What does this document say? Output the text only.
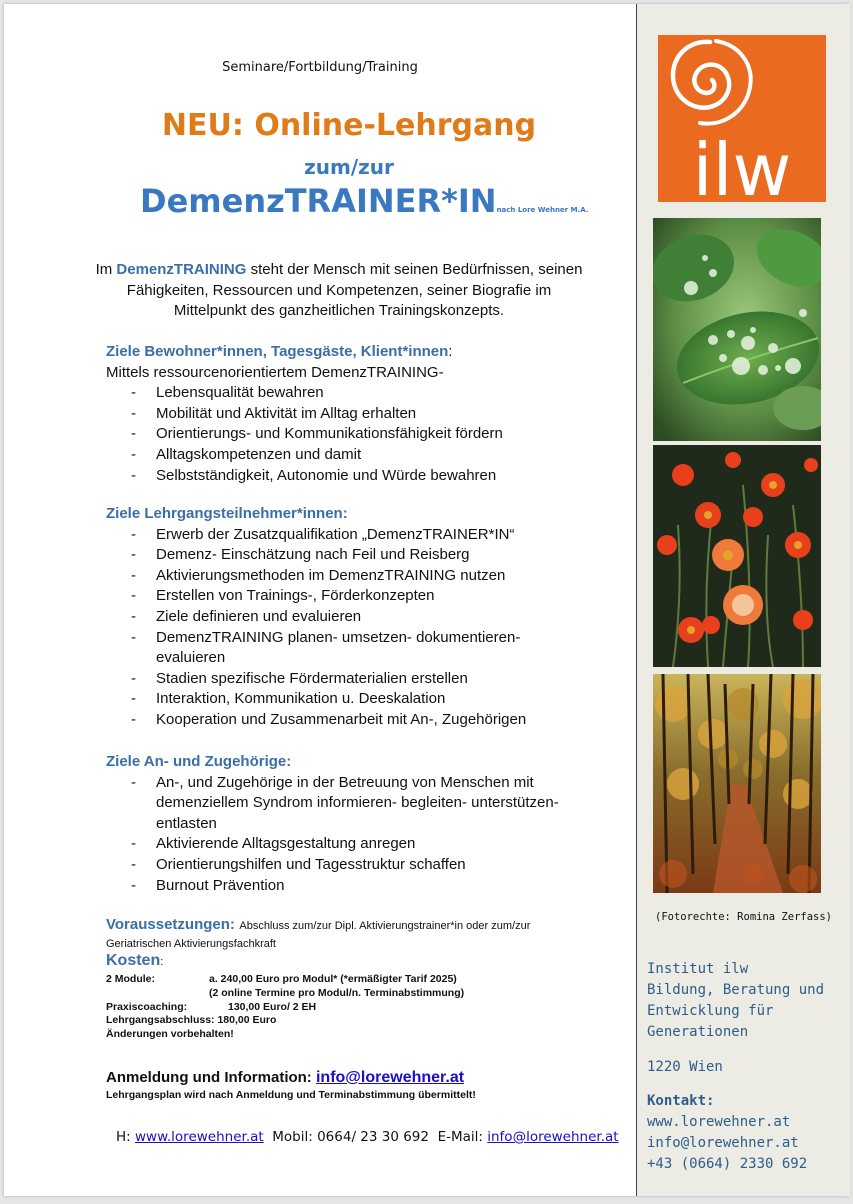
Seminare/Fortbildung/Training
NEU: Online-Lehrgang
zum/zur
DemenzTRAINER*INnach Lore Wehner M.A.
Im DemenzTRAINING steht der Mensch mit seinen Bedürfnissen, seinen Fähigkeiten, Ressourcen und Kompetenzen, seiner Biografie im Mittelpunkt des ganzheitlichen Trainingskonzepts.
Ziele Bewohner*innen, Tagesgäste, Klient*innen:
Mittels ressourcenorientiertem DemenzTRAINING-
- Lebensqualität bewahren
- Mobilität und Aktivität im Alltag erhalten
- Orientierungs- und Kommunikationsfähigkeit fördern
- Alltagskompetenzen und damit
- Selbstständigkeit, Autonomie und Würde bewahren
Ziele Lehrgangsteilnehmer*innen:
- Erwerb der Zusatzqualifikation „DemenzTRAINER*IN“
- Demenz- Einschätzung nach Feil und Reisberg
- Aktivierungsmethoden im DemenzTRAINING nutzen
- Erstellen von Trainings-, Förderkonzepten
- Ziele definieren und evaluieren
- DemenzTRAINING planen- umsetzen- dokumentieren- evaluieren
- Stadien spezifische Fördermaterialien erstellen
- Interaktion, Kommunikation u. Deeskalation
- Kooperation und Zusammenarbeit mit An-, Zugehörigen
Ziele An- und Zugehörige:
- An-, und Zugehörige in der Betreuung von Menschen mit demenziellem Syndrom informieren- begleiten- unterstützen- entlasten
- Aktivierende Alltagsgestaltung anregen
- Orientierungshilfen und Tagesstruktur schaffen
- Burnout Prävention
Voraussetzungen: Abschluss zum/zur Dipl. Aktivierungstrainer*in oder zum/zur
Geriatrischen Aktivierungsfachkraft
Kosten:
2 Module:	a. 240,00 Euro pro Modul* (*ermäßigter Tarif 2025)
(2 online Termine pro Modul/n. Terminabstimmung)
Praxiscoaching:	130,00 Euro/ 2 EH
Lehrgangsabschluss: 180,00 Euro
Änderungen vorbehalten!
Anmeldung und Information: info@lorewehner.at
Lehrgangsplan wird nach Anmeldung und Terminabstimmung übermittelt!
H: www.lorewehner.at  Mobil: 0664/ 23 30 692  E-Mail: info@lorewehner.at
ilw
(Fotorechte: Romina Zerfass)
Institut ilw
Bildung, Beratung und
Entwicklung für
Generationen
1220 Wien
Kontakt:
www.lorewehner.at
info@lorewehner.at
+43 (0664) 2330 692
